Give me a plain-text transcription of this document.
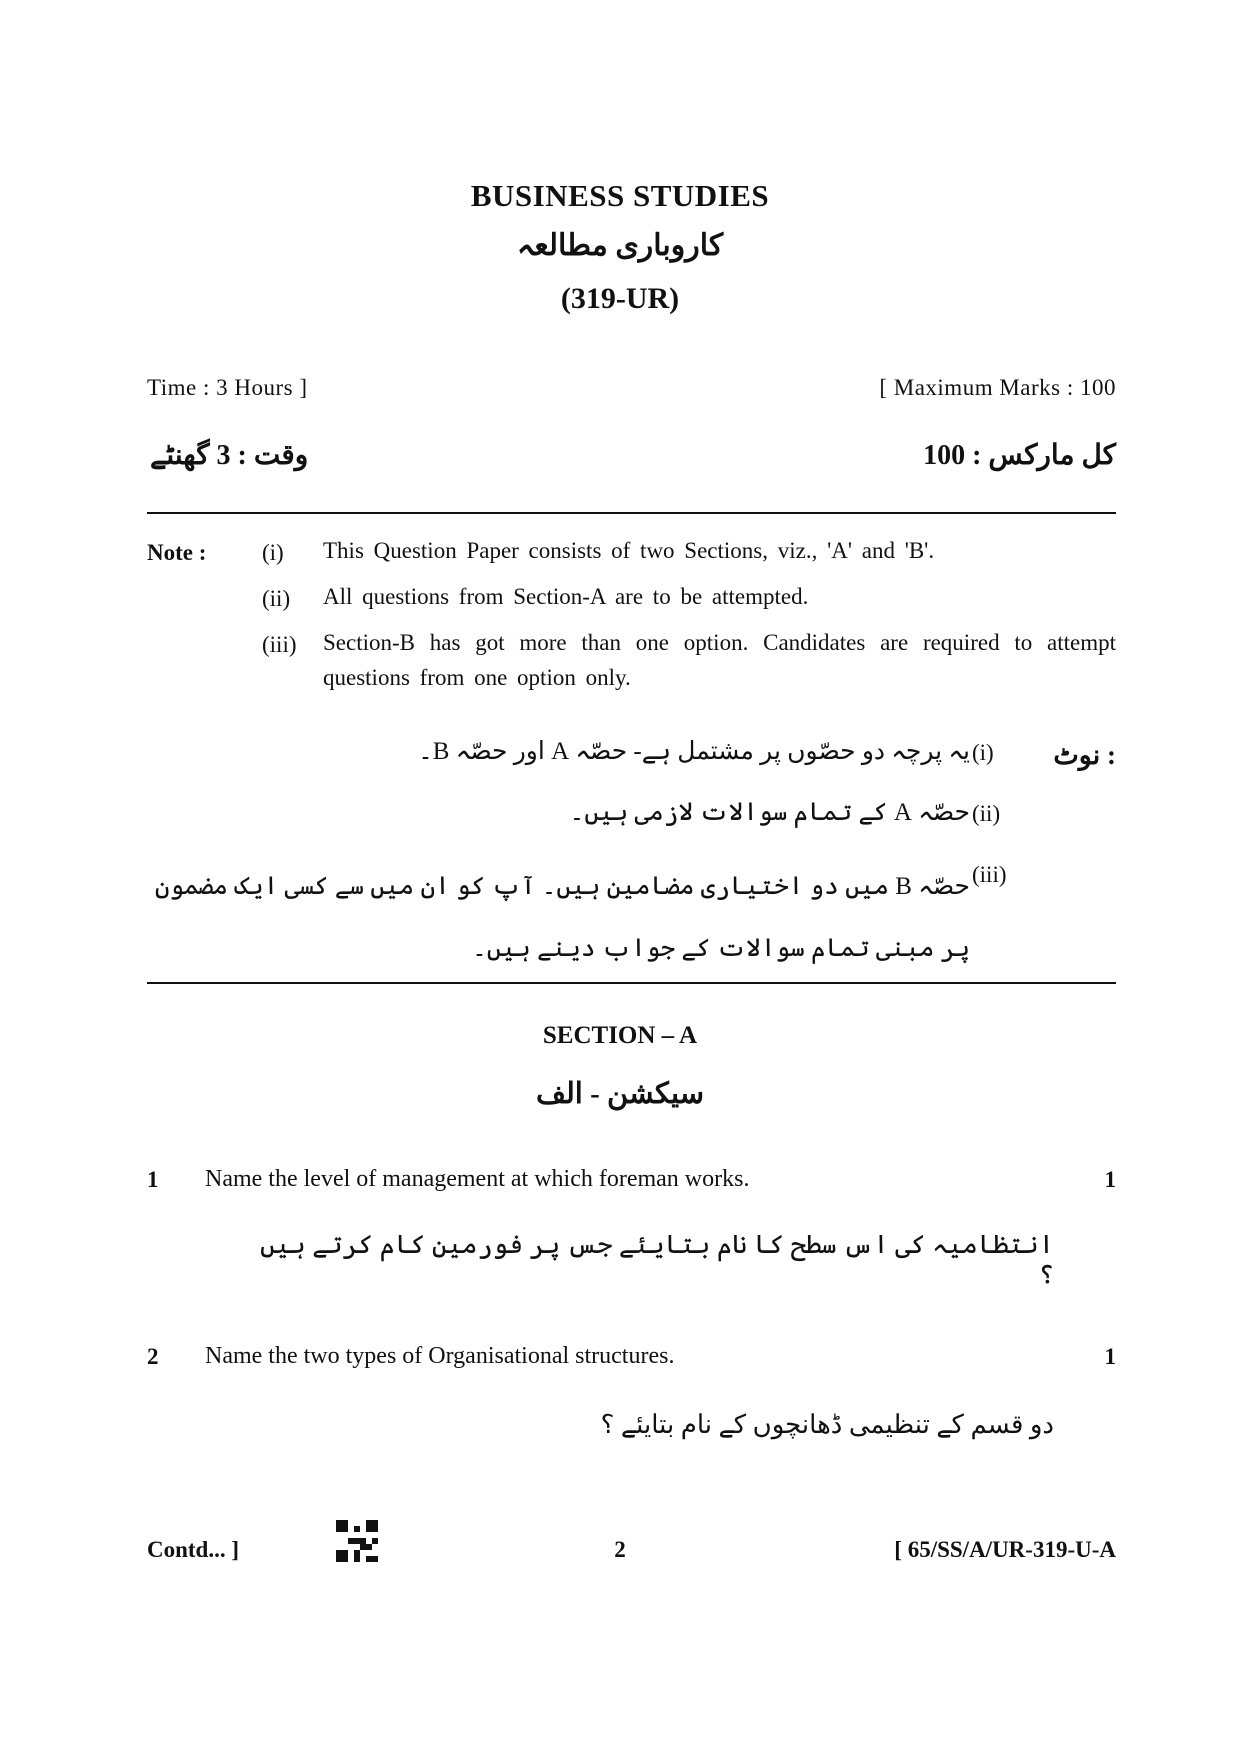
BUSINESS STUDIES
کاروباری مطالعہ
(319-UR)
Time : 3 Hours ]	[ Maximum Marks : 100
وقت : 3 گھنٹے	کل مارکس : 100
Note : (i)	This Question Paper consists of two Sections, viz., 'A' and 'B'.
(ii)	All questions from Section-A are to be attempted.
(iii)	Section-B has got more than one option. Candidates are required to attempt questions from one option only.
نوٹ :
(i)
یہ پرچہ دو حصّوں پر مشتمل ہے- حصّہ A اور حصّہ B۔
(ii)
حصّہ A کے تمام سوالات لازمی ہیں۔
(iii)
حصّہ B میں دو اختیاری مضامین ہیں۔ آپ کو ان میں سے کسی ایک مضمون پر مبنی تمام سوالات کے جواب دینے ہیں۔
SECTION – A
سیکشن - الف
1 Name the level of management at which foreman works.	1
انتظامیہ کی اس سطح کا نام بتایئے جس پر فورمین کام کرتے ہیں ؟
2 Name the two types of Organisational structures.	1
دو قسم کے تنظیمی ڈھانچوں کے نام بتایئے ؟
Contd... ]	2	[ 65/SS/A/UR-319-U-A
